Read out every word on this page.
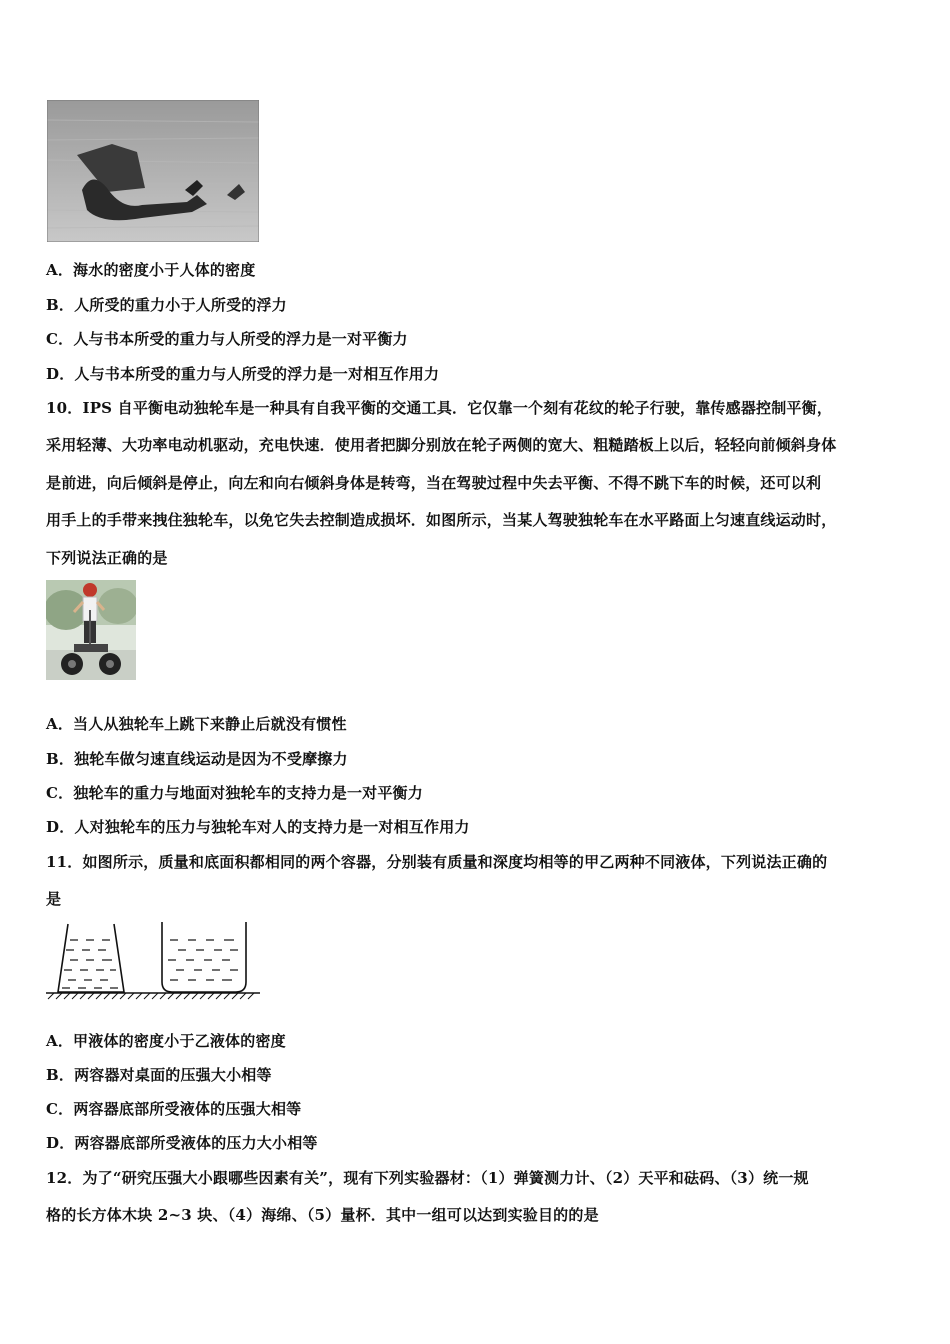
A．海水的密度小于人体的密度
B．人所受的重力小于人所受的浮力
C．人与书本所受的重力与人所受的浮力是一对平衡力
D．人与书本所受的重力与人所受的浮力是一对相互作用力
10．IPS 自平衡电动独轮车是一种具有自我平衡的交通工具．它仅靠一个刻有花纹的轮子行驶，靠传感器控制平衡，
采用轻薄、大功率电动机驱动，充电快速．使用者把脚分别放在轮子两侧的宽大、粗糙踏板上以后，轻轻向前倾斜身体
是前进，向后倾斜是停止，向左和向右倾斜身体是转弯，当在驾驶过程中失去平衡、不得不跳下车的时候，还可以利
用手上的手带来拽住独轮车，以免它失去控制造成损坏．如图所示，当某人驾驶独轮车在水平路面上匀速直线运动时，
下列说法正确的是
A．当人从独轮车上跳下来静止后就没有惯性
B．独轮车做匀速直线运动是因为不受摩擦力
C．独轮车的重力与地面对独轮车的支持力是一对平衡力
D．人对独轮车的压力与独轮车对人的支持力是一对相互作用力
11．如图所示，质量和底面积都相同的两个容器，分别装有质量和深度均相等的甲乙两种不同液体，下列说法正确的
是
A．甲液体的密度小于乙液体的密度
B．两容器对桌面的压强大小相等
C．两容器底部所受液体的压强大相等
D．两容器底部所受液体的压力大小相等
12．为了“研究压强大小跟哪些因素有关”，现有下列实验器材：（1）弹簧测力计、（2）天平和砝码、（3）统一规
格的长方体木块 2~3 块、（4）海绵、（5）量杯．其中一组可以达到实验目的的是
